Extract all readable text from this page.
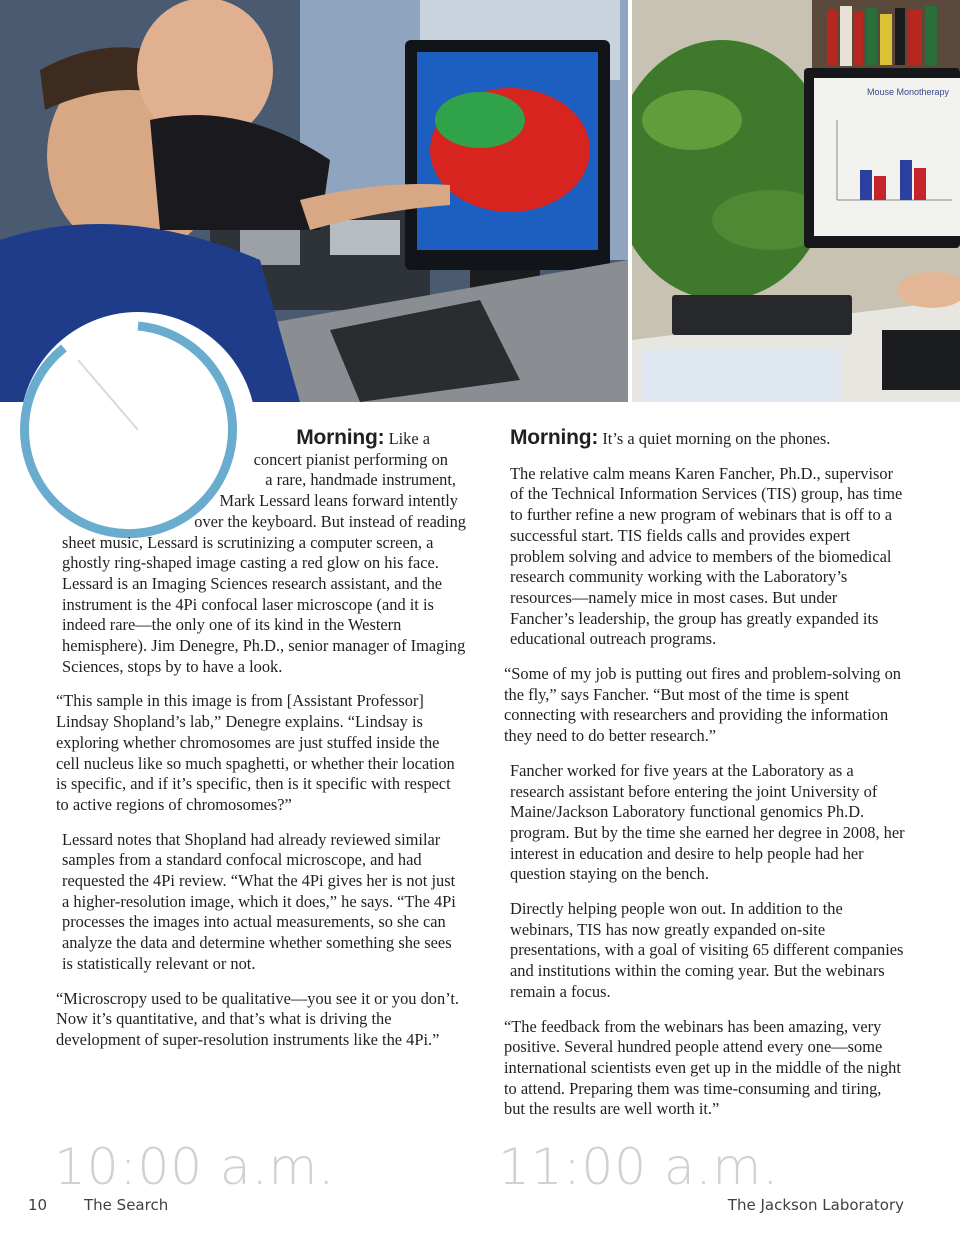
Mouse Monotherapy

Morning: Like a
concert pianist performing on
a rare, handmade instrument,
Mark Lessard leans forward intently
over the keyboard. But instead of reading
sheet music, Lessard is scrutinizing a computer screen, a ghostly ring-shaped image casting a red glow on his face. Lessard is an Imaging Sciences research assistant, and the instrument is the 4Pi confocal laser microscope (and it is indeed rare—the only one of its kind in the Western hemisphere). Jim Denegre, Ph.D., senior manager of Imaging Sciences, stops by to have a look.

“This sample in this image is from [Assistant Professor] Lindsay Shopland’s lab,” Denegre explains. “Lindsay is exploring whether chromosomes are just stuffed inside the cell nucleus like so much spaghetti, or whether their location is specific, and if it’s specific, then is it specific with respect to active regions of chromosomes?”

Lessard notes that Shopland had already reviewed similar samples from a standard confocal microscope, and had requested the 4Pi review. “What the 4Pi gives her is not just a higher-resolution image, which it does,” he says. “The 4Pi processes the images into actual measurements, so she can analyze the data and determine whether something she sees is statistically relevant or not.

“Microscropy used to be qualitative—you see it or you don’t. Now it’s quantitative, and that’s what is driving the development of super-resolution instruments like the 4Pi.”

Morning: It’s a quiet morning on the phones.

The relative calm means Karen Fancher, Ph.D., supervisor of the Technical Information Services (TIS) group, has time to further refine a new program of webinars that is off to a successful start. TIS fields calls and provides expert problem solving and advice to members of the biomedical research community working with the Laboratory’s resources—namely mice in most cases. But under Fancher’s leadership, the group has greatly expanded its educational outreach programs.

“Some of my job is putting out fires and problem-solving on the fly,” says Fancher. “But most of the time is spent connecting with researchers and providing the information they need to do better research.”

Fancher worked for five years at the Laboratory as a research assistant before entering the joint University of Maine/Jackson Laboratory functional genomics Ph.D. program. But by the time she earned her degree in 2008, her interest in education and desire to help people had her question staying on the bench.

Directly helping people won out. In addition to the webinars, TIS has now greatly expanded on-site presentations, with a goal of visiting 65 different companies and institutions within the coming year. But the webinars remain a focus.

“The feedback from the webinars has been amazing, very positive. Several hundred people attend every one—some international scientists even get up in the middle of the night to attend. Preparing them was time-consuming and tiring, but the results are well worth it.”

10:00 a.m.	11:00 a.m.
10 The Search	The Jackson Laboratory
